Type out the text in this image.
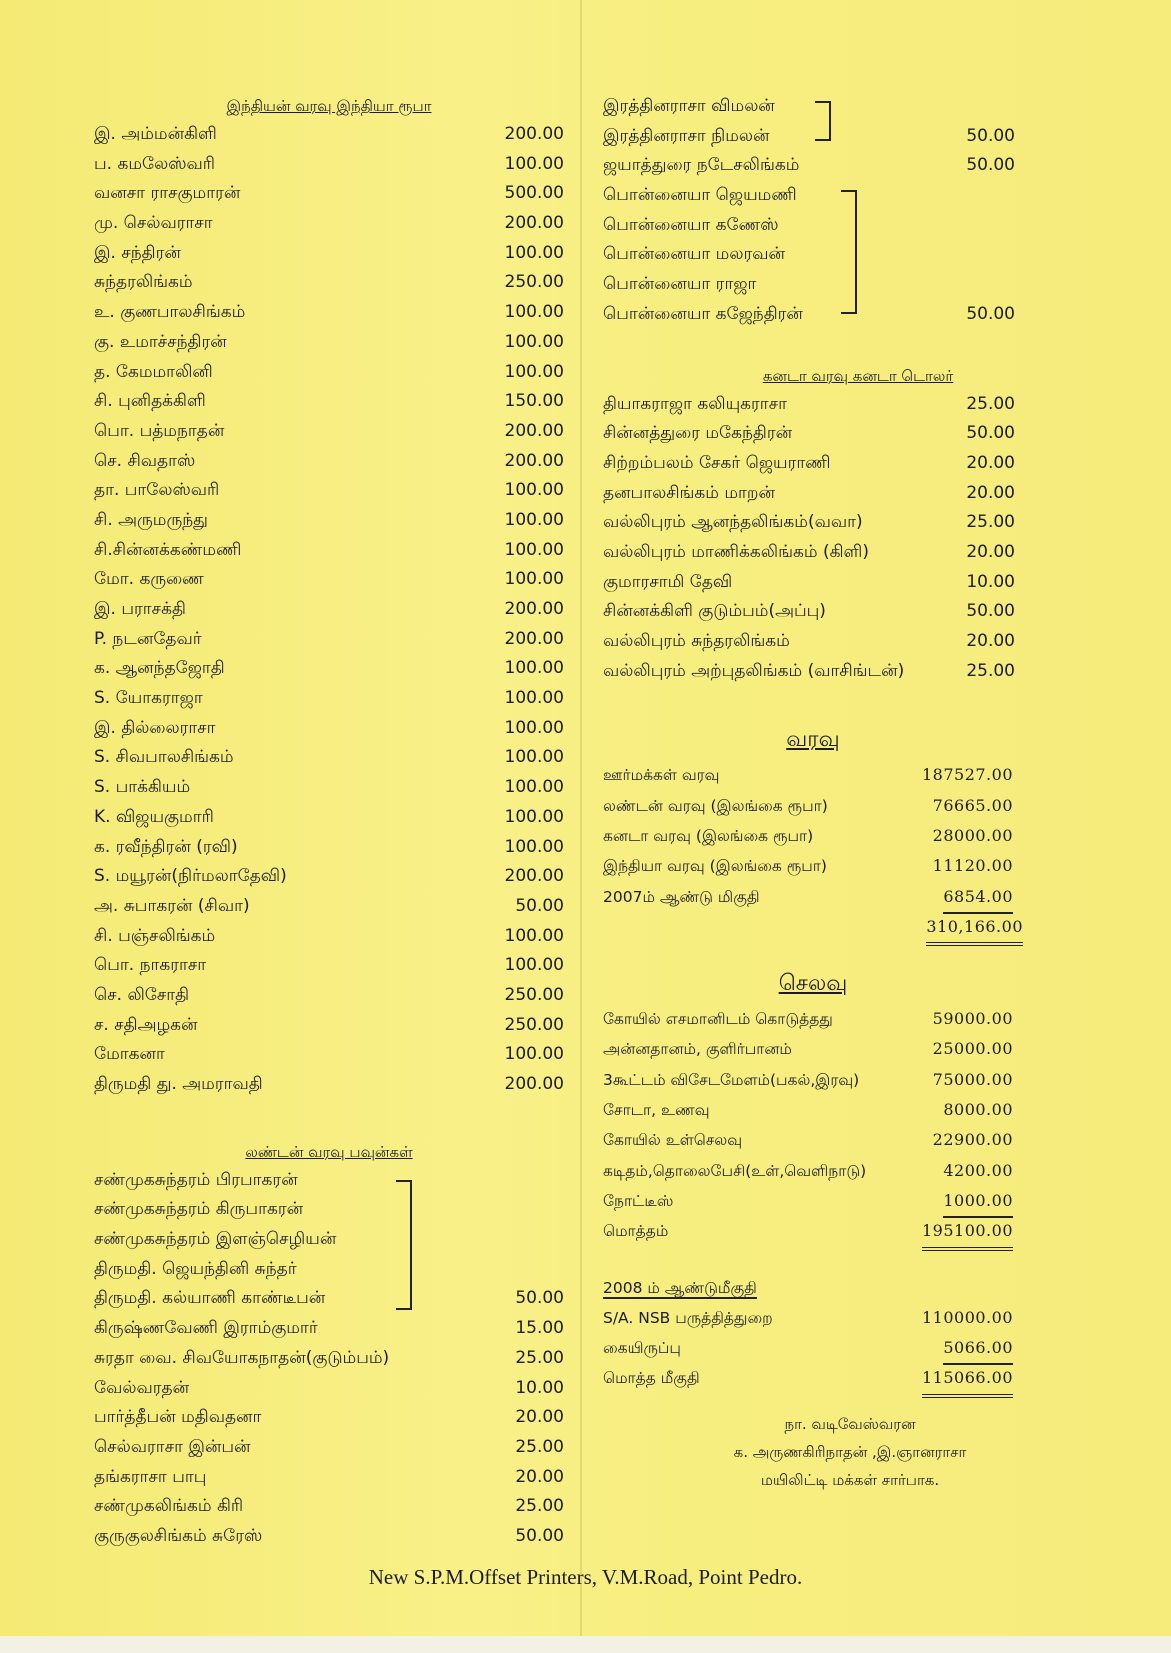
இந்தியன் வரவு இந்தியா ரூபா
இ. அம்மன்கிளி	200.00
ப. கமலேஸ்வரி	100.00
வனசா ராசகுமாரன்	500.00
மு. செல்வராசா	200.00
இ. சந்திரன்	100.00
சுந்தரலிங்கம்	250.00
உ. குணபாலசிங்கம்	100.00
கு. உமாச்சந்திரன்	100.00
த. கேமமாலினி	100.00
சி. புனிதக்கிளி	150.00
பொ. பத்மநாதன்	200.00
செ. சிவதாஸ்	200.00
தா. பாலேஸ்வரி	100.00
சி. அருமருந்து	100.00
சி.சின்னக்கண்மணி	100.00
மோ. கருணை	100.00
இ. பராசக்தி	200.00
P. நடனதேவர்	200.00
க. ஆனந்தஜோதி	100.00
S. யோகராஜா	100.00
இ. தில்லைராசா	100.00
S. சிவபாலசிங்கம்	100.00
S. பாக்கியம்	100.00
K. விஜயகுமாரி	100.00
க. ரவீந்திரன் (ரவி)	100.00
S. மயூரன்(நிர்மலாதேவி)	200.00
அ. சுபாகரன் (சிவா)	50.00
சி. பஞ்சலிங்கம்	100.00
பொ. நாகராசா	100.00
செ. லிசோதி	250.00
ச. சதிஅழகன்	250.00
மோகனா	100.00
திருமதி து. அமராவதி	200.00
லண்டன் வரவு பவுன்கள்
சண்முகசுந்தரம் பிரபாகரன்
சண்முகசுந்தரம் கிருபாகரன்
சண்முகசுந்தரம் இளஞ்செழியன்
திருமதி. ஜெயந்தினி சுந்தர்
திருமதி. கல்யாணி காண்டீபன்	50.00
கிருஷ்ணவேணி இராம்குமார்	15.00
சுரதா வை. சிவயோகநாதன்(குடும்பம்)	25.00
வேல்வரதன்	10.00
பார்த்தீபன் மதிவதனா	20.00
செல்வராசா இன்பன்	25.00
தங்கராசா பாபு	20.00
சண்முகலிங்கம் கிரி	25.00
குருகுலசிங்கம் சுரேஸ்	50.00
இரத்தினராசா விமலன்
இரத்தினராசா நிமலன்	50.00
ஜயாத்துரை நடேசலிங்கம்	50.00
பொன்னையா ஜெயமணி
பொன்னையா கணேஸ்
பொன்னையா மலரவன்
பொன்னையா ராஜா
பொன்னையா கஜேந்திரன்	50.00
கனடா வரவு கனடா டொலர்
தியாகராஜா கலியுகராசா	25.00
சின்னத்துரை மகேந்திரன்	50.00
சிற்றம்பலம் சேகர் ஜெயராணி	20.00
தனபாலசிங்கம் மாறன்	20.00
வல்லிபுரம் ஆனந்தலிங்கம்(வவா)	25.00
வல்லிபுரம் மாணிக்கலிங்கம் (கிளி)	20.00
குமாரசாமி தேவி	10.00
சின்னக்கிளி குடும்பம்(அப்பு)	50.00
வல்லிபுரம் சுந்தரலிங்கம்	20.00
வல்லிபுரம் அற்புதலிங்கம் (வாசிங்டன்)	25.00
வரவு
ஊர்மக்கள் வரவு	187527.00
லண்டன் வரவு (இலங்கை ரூபா)	76665.00
கனடா வரவு (இலங்கை ரூபா)	28000.00
இந்தியா வரவு (இலங்கை ரூபா)	11120.00
2007ம் ஆண்டு மிகுதி	6854.00
310,166.00
செலவு
கோயில் எசமானிடம் கொடுத்தது	59000.00
அன்னதானம், குளிர்பானம்	25000.00
3கூட்டம் விசேடமேளம்(பகல்,இரவு)	75000.00
சோடா, உணவு	8000.00
கோயில் உள்செலவு	22900.00
கடிதம்,தொலைபேசி(உள்,வெளிநாடு)	4200.00
நோட்டீஸ்	1000.00
மொத்தம்	195100.00
2008 ம் ஆண்டுமீகுதி
S/A. NSB பருத்தித்துறை	110000.00
கையிருப்பு	5066.00
மொத்த மீகுதி	115066.00
நா. வடிவேஸ்வரன
க. அருணகிரிநாதன் ,இ.ஞானராசா
மயிலிட்டி மக்கள் சார்பாக.
New S.P.M.Offset Printers, V.M.Road, Point Pedro.
